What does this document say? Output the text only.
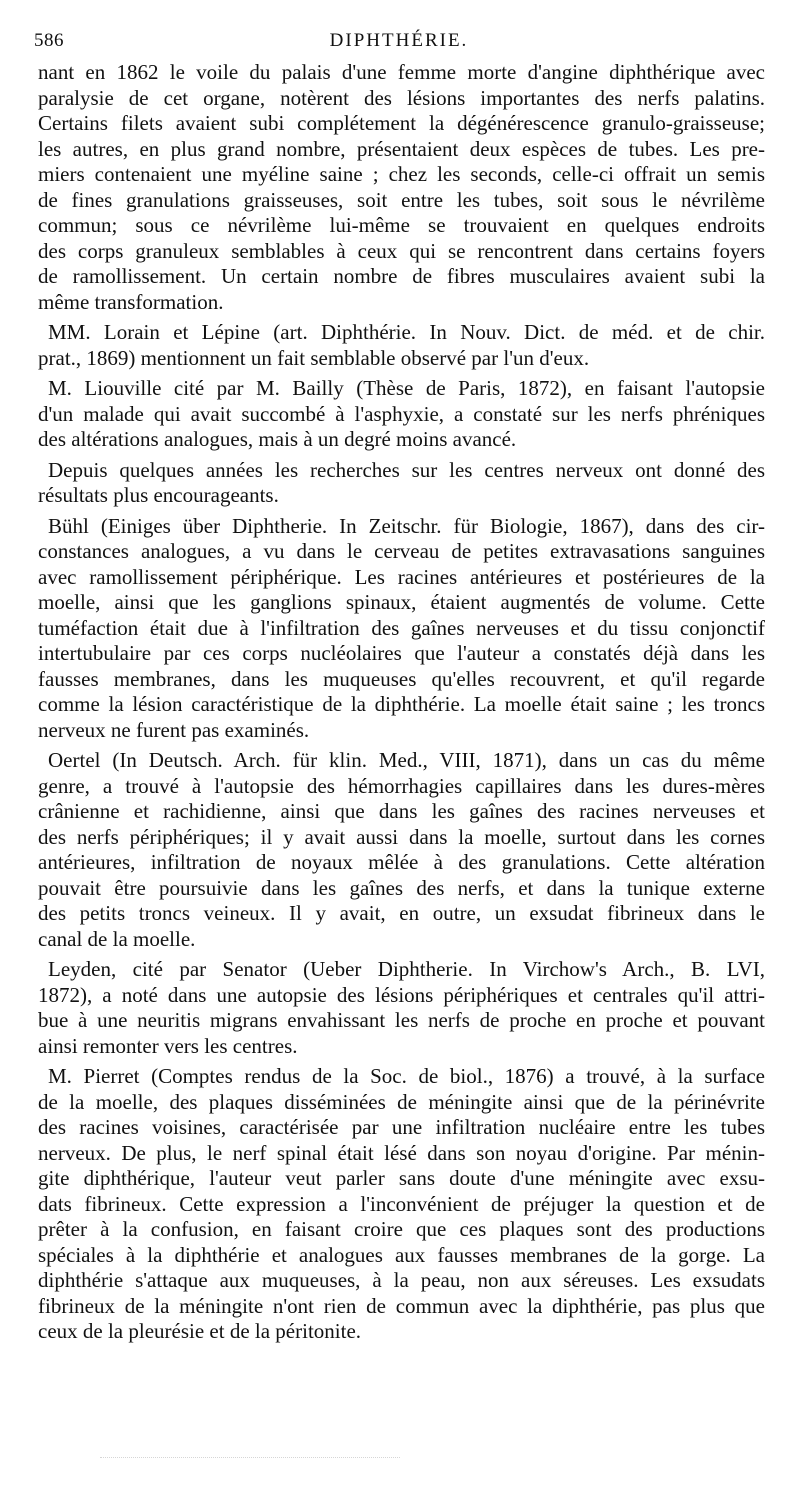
586	DIPHTHÉRIE.
nant en 1862 le voile du palais d'une femme morte d'angine diphthérique avec
paralysie de cet organe, notèrent des lésions importantes des nerfs palatins.
Certains filets avaient subi complétement la dégénérescence granulo-graisseuse;
les autres, en plus grand nombre, présentaient deux espèces de tubes. Les pre-
miers contenaient une myéline saine ; chez les seconds, celle-ci offrait un semis
de fines granulations graisseuses, soit entre les tubes, soit sous le névrilème
commun; sous ce névrilème lui-même se trouvaient en quelques endroits
des corps granuleux semblables à ceux qui se rencontrent dans certains foyers
de ramollissement. Un certain nombre de fibres musculaires avaient subi la
même transformation.
MM. Lorain et Lépine (art. Diphthérie. In Nouv. Dict. de méd. et de chir.
prat., 1869) mentionnent un fait semblable observé par l'un d'eux.
M. Liouville cité par M. Bailly (Thèse de Paris, 1872), en faisant l'autopsie
d'un malade qui avait succombé à l'asphyxie, a constaté sur les nerfs phréniques
des altérations analogues, mais à un degré moins avancé.
Depuis quelques années les recherches sur les centres nerveux ont donné des
résultats plus encourageants.
Bühl (Einiges über Diphtherie. In Zeitschr. für Biologie, 1867), dans des cir-
constances analogues, a vu dans le cerveau de petites extravasations sanguines
avec ramollissement périphérique. Les racines antérieures et postérieures de la
moelle, ainsi que les ganglions spinaux, étaient augmentés de volume. Cette
tuméfaction était due à l'infiltration des gaînes nerveuses et du tissu conjonctif
intertubulaire par ces corps nucléolaires que l'auteur a constatés déjà dans les
fausses membranes, dans les muqueuses qu'elles recouvrent, et qu'il regarde
comme la lésion caractéristique de la diphthérie. La moelle était saine ; les troncs
nerveux ne furent pas examinés.
Oertel (In Deutsch. Arch. für klin. Med., VIII, 1871), dans un cas du même
genre, a trouvé à l'autopsie des hémorrhagies capillaires dans les dures-mères
crânienne et rachidienne, ainsi que dans les gaînes des racines nerveuses et
des nerfs périphériques; il y avait aussi dans la moelle, surtout dans les cornes
antérieures, infiltration de noyaux mêlée à des granulations. Cette altération
pouvait être poursuivie dans les gaînes des nerfs, et dans la tunique externe
des petits troncs veineux. Il y avait, en outre, un exsudat fibrineux dans le
canal de la moelle.
Leyden, cité par Senator (Ueber Diphtherie. In Virchow's Arch., B. LVI,
1872), a noté dans une autopsie des lésions périphériques et centrales qu'il attri-
bue à une neuritis migrans envahissant les nerfs de proche en proche et pouvant
ainsi remonter vers les centres.
M. Pierret (Comptes rendus de la Soc. de biol., 1876) a trouvé, à la surface
de la moelle, des plaques disséminées de méningite ainsi que de la périnévrite
des racines voisines, caractérisée par une infiltration nucléaire entre les tubes
nerveux. De plus, le nerf spinal était lésé dans son noyau d'origine. Par ménin-
gite diphthérique, l'auteur veut parler sans doute d'une méningite avec exsu-
dats fibrineux. Cette expression a l'inconvénient de préjuger la question et de
prêter à la confusion, en faisant croire que ces plaques sont des productions
spéciales à la diphthérie et analogues aux fausses membranes de la gorge. La
diphthérie s'attaque aux muqueuses, à la peau, non aux séreuses. Les exsudats
fibrineux de la méningite n'ont rien de commun avec la diphthérie, pas plus que
ceux de la pleurésie et de la péritonite.
